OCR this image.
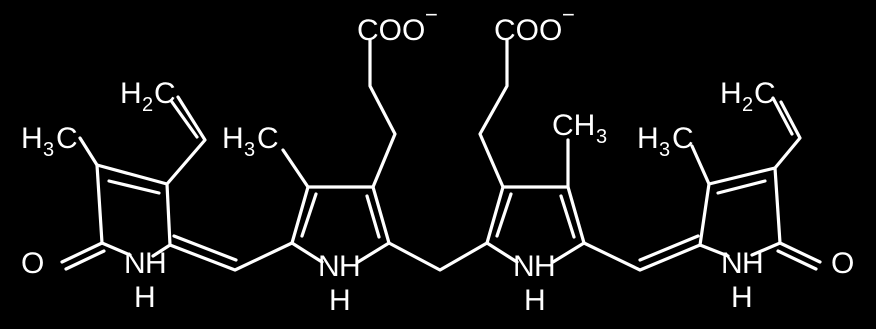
COO − COO −
H 2 C	H 2 C
H 3 C	H 3 C	CH 3 H 3 C
O	O
N H
H
N H
H
N H
H
N H
H
